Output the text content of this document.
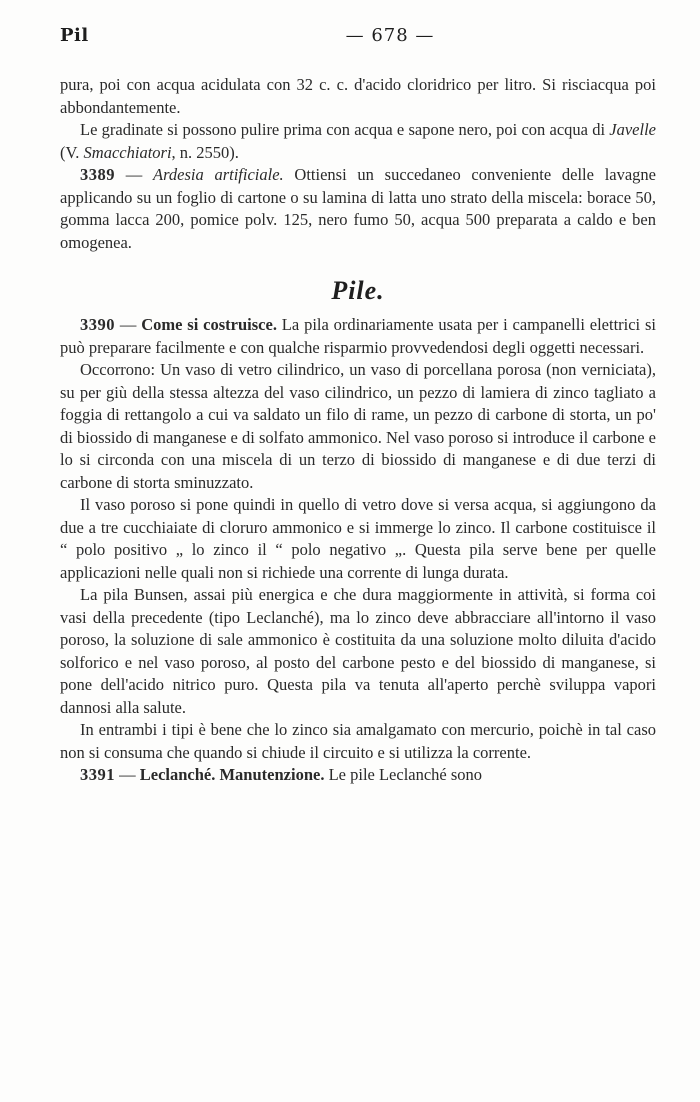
Pil	— 678 —

pura, poi con acqua acidulata con 32 c. c. d'acido cloridrico per litro. Si risciacqua poi abbondantemente.

Le gradinate si possono pulire prima con acqua e sapone nero, poi con acqua di Javelle (V. Smacchiatori, n. 2550).

3389 — Ardesia artificiale. Ottiensi un succedaneo conveniente delle lavagne applicando su un foglio di cartone o su lamina di latta uno strato della miscela: borace 50, gomma lacca 200, pomice polv. 125, nero fumo 50, acqua 500 preparata a caldo e ben omogenea.

Pile.

3390 — Come si costruisce. La pila ordinariamente usata per i campanelli elettrici si può preparare facilmente e con qualche risparmio provvedendosi degli oggetti necessari.

Occorrono: Un vaso di vetro cilindrico, un vaso di porcellana porosa (non verniciata), su per giù della stessa altezza del vaso cilindrico, un pezzo di lamiera di zinco tagliato a foggia di rettangolo a cui va saldato un filo di rame, un pezzo di carbone di storta, un po' di biossido di manganese e di solfato ammonico. Nel vaso poroso si introduce il carbone e lo si circonda con una miscela di un terzo di biossido di manganese e di due terzi di carbone di storta sminuzzato.

Il vaso poroso si pone quindi in quello di vetro dove si versa acqua, si aggiungono da due a tre cucchiaiate di cloruro ammonico e si immerge lo zinco. Il carbone costituisce il “ polo positivo „ lo zinco il “ polo negativo „. Questa pila serve bene per quelle applicazioni nelle quali non si richiede una corrente di lunga durata.

La pila Bunsen, assai più energica e che dura maggiormente in attività, si forma coi vasi della precedente (tipo Leclanché), ma lo zinco deve abbracciare all'intorno il vaso poroso, la soluzione di sale ammonico è costituita da una soluzione molto diluita d'acido solforico e nel vaso poroso, al posto del carbone pesto e del biossido di manganese, si pone dell'acido nitrico puro. Questa pila va tenuta all'aperto perchè sviluppa vapori dannosi alla salute.

In entrambi i tipi è bene che lo zinco sia amalgamato con mercurio, poichè in tal caso non si consuma che quando si chiude il circuito e si utilizza la corrente.

3391 — Leclanché. Manutenzione. Le pile Leclanché sono
